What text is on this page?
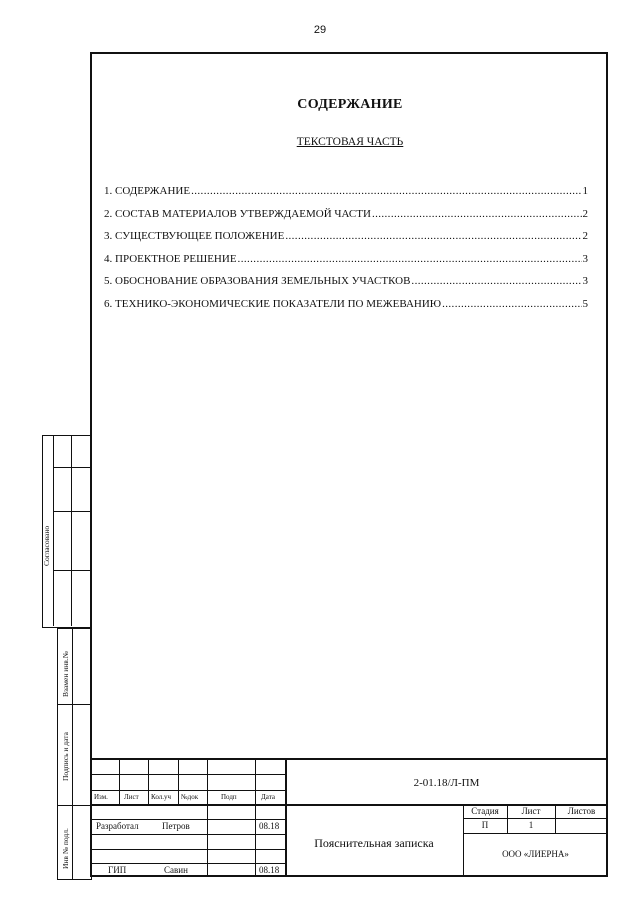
29
СОДЕРЖАНИЕ
ТЕКСТОВАЯ ЧАСТЬ
1. СОДЕРЖАНИЕ .....	1
2. СОСТАВ МАТЕРИАЛОВ УТВЕРЖДАЕМОЙ ЧАСТИ .....	2
3. СУЩЕСТВУЮЩЕЕ ПОЛОЖЕНИЕ .....	2
4. ПРОЕКТНОЕ РЕШЕНИЕ .....	3
5. ОБОСНОВАНИЕ ОБРАЗОВАНИЯ ЗЕМЕЛЬНЫХ УЧАСТКОВ .....	3
6. ТЕХНИКО-ЭКОНОМИЧЕСКИЕ ПОКАЗАТЕЛИ ПО МЕЖЕВАНИЮ .....	5
Согласовано
Взамен инв.№
Подпись и дата
Инв № подл.
Изм. Лист Кол.уч №док	Подп	Дата
Разработал	Петров	08.18
ГИП	Савин	08.18
2-01.18/Л-ПМ
Пояснительная записка
Стадия	Лист	Листов
П	1
ООО «ЛИЕРНА»
